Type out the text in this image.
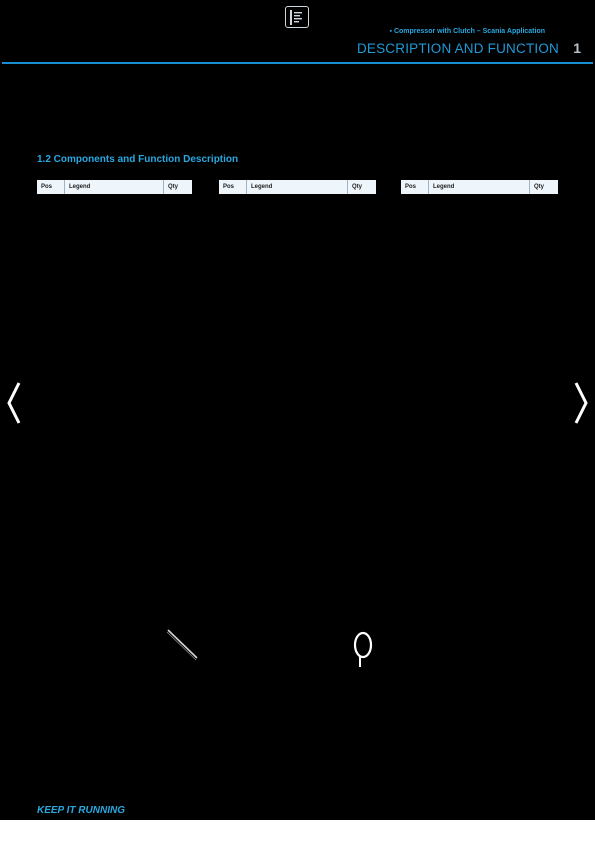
▪ Compressor with Clutch – Scania Application
DESCRIPTION AND FUNCTION 1
1.2 Components and Function Description
Pos	Legend	Qty	Pos	Legend	Qty	Pos	Legend	Qty
KEEP IT RUNNING
